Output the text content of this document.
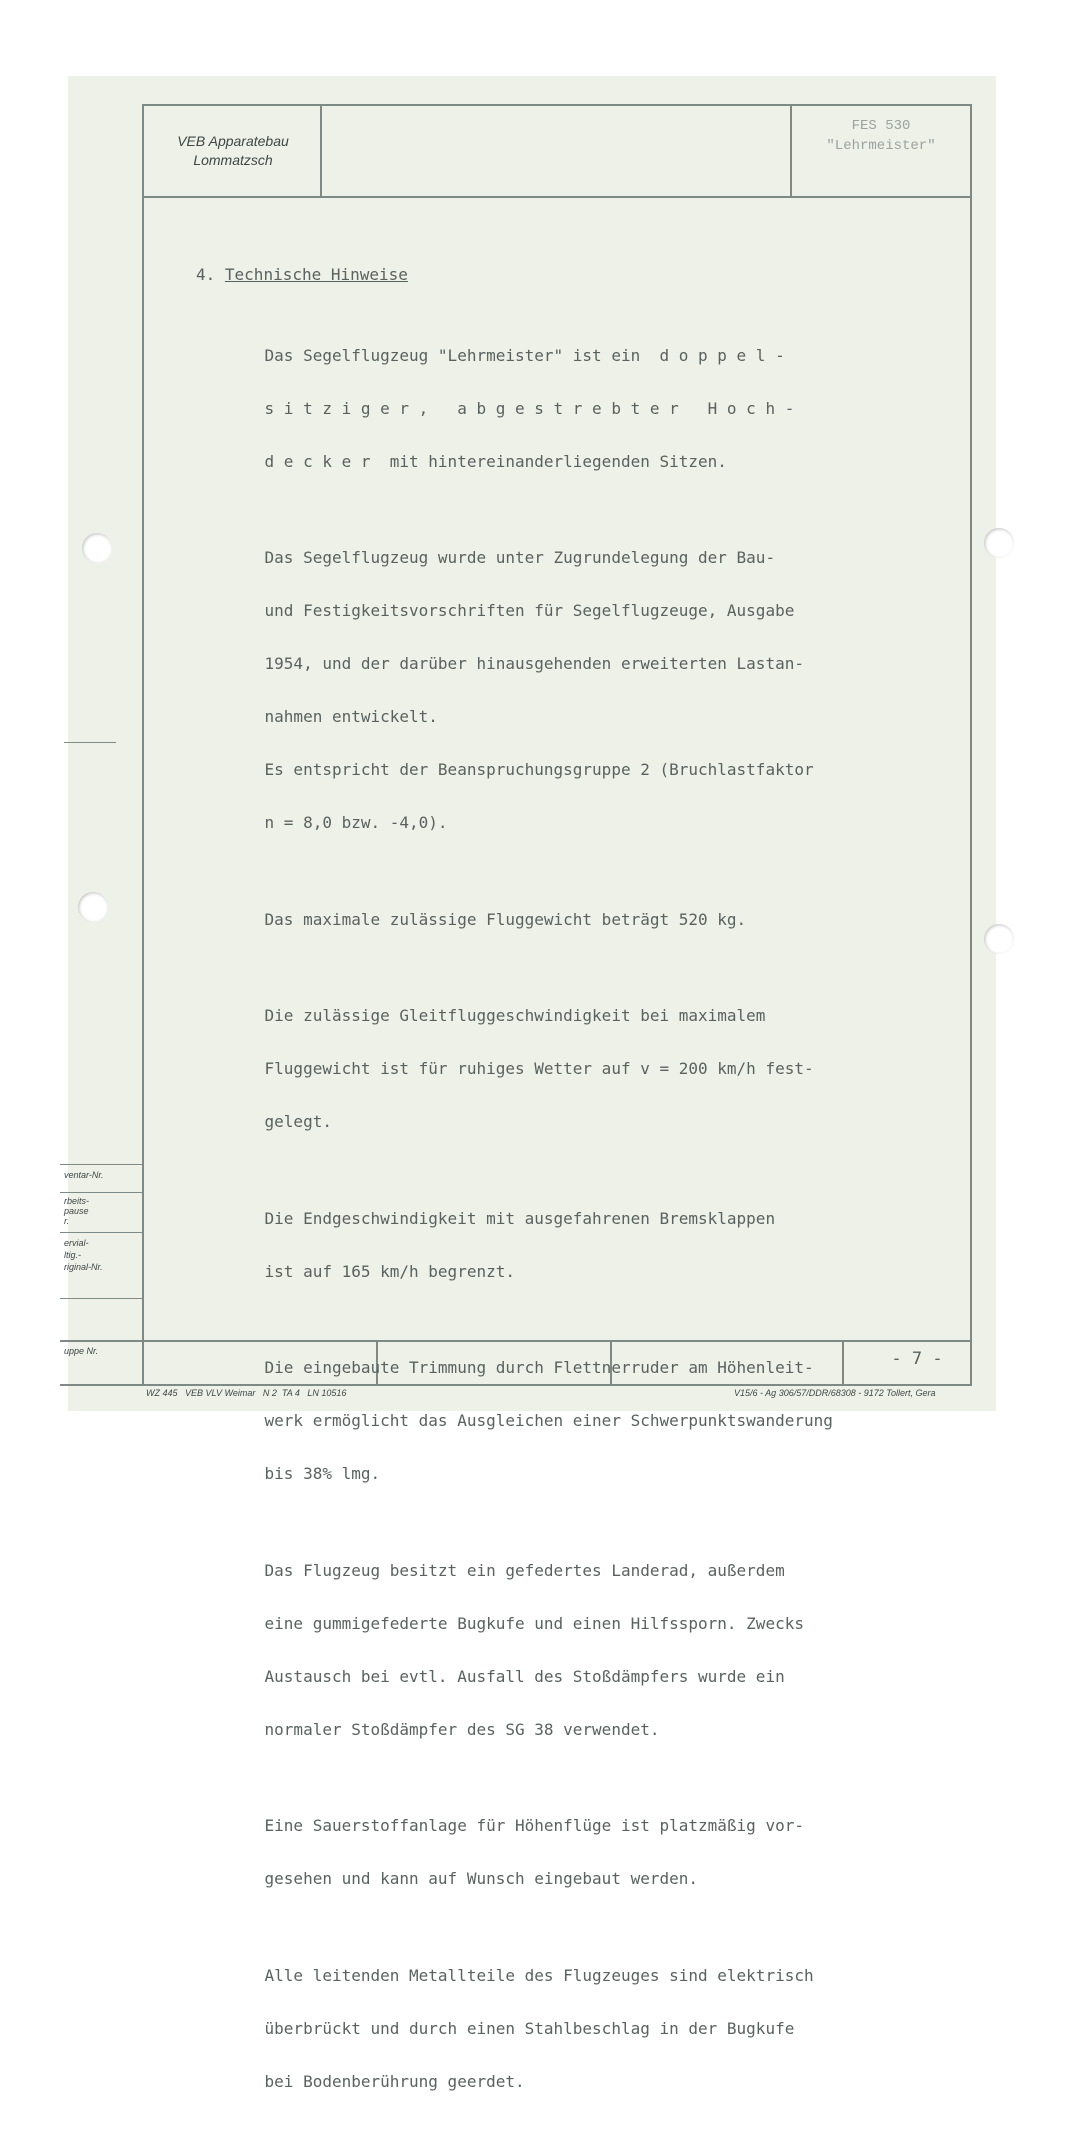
VEB Apparatebau
Lommatzsch
FES 530
"Lehrmeister"
4. Technische Hinweise

Das Segelflugzeug "Lehrmeister" ist ein  d o p p e l -

s i t z i g e r ,   a b g e s t r e b t e r   H o c h -

d e c k e r  mit hintereinanderliegenden Sitzen.

Das Segelflugzeug wurde unter Zugrundelegung der Bau-

und Festigkeitsvorschriften für Segelflugzeuge, Ausgabe

1954, und der darüber hinausgehenden erweiterten Lastan-

nahmen entwickelt.

Es entspricht der Beanspruchungsgruppe 2 (Bruchlastfaktor

n = 8,0 bzw. -4,0).

Das maximale zulässige Fluggewicht beträgt 520 kg.

Die zulässige Gleitfluggeschwindigkeit bei maximalem

Fluggewicht ist für ruhiges Wetter auf v = 200 km/h fest-

gelegt.

Die Endgeschwindigkeit mit ausgefahrenen Bremsklappen

ist auf 165 km/h begrenzt.

Die eingebaute Trimmung durch Flettnerruder am Höhenleit-

werk ermöglicht das Ausgleichen einer Schwerpunktswanderung

bis 38% lmg.

Das Flugzeug besitzt ein gefedertes Landerad, außerdem

eine gummigefederte Bugkufe und einen Hilfssporn. Zwecks

Austausch bei evtl. Ausfall des Stoßdämpfers wurde ein

normaler Stoßdämpfer des SG 38 verwendet.

Eine Sauerstoffanlage für Höhenflüge ist platzmäßig vor-

gesehen und kann auf Wunsch eingebaut werden.

Alle leitenden Metallteile des Flugzeuges sind elektrisch

überbrückt und durch einen Stahlbeschlag in der Bugkufe

bei Bodenberührung geerdet.

ventar-Nr.
rbeits-
pause
r.
ervial-
ltig.-
riginal-Nr.
uppe Nr.	- 7 -
WZ 445   VEB VLV Weimar   N 2  TA 4   LN 10516	V15/6 - Ag 306/57/DDR/68308 - 9172 Tollert, Gera
